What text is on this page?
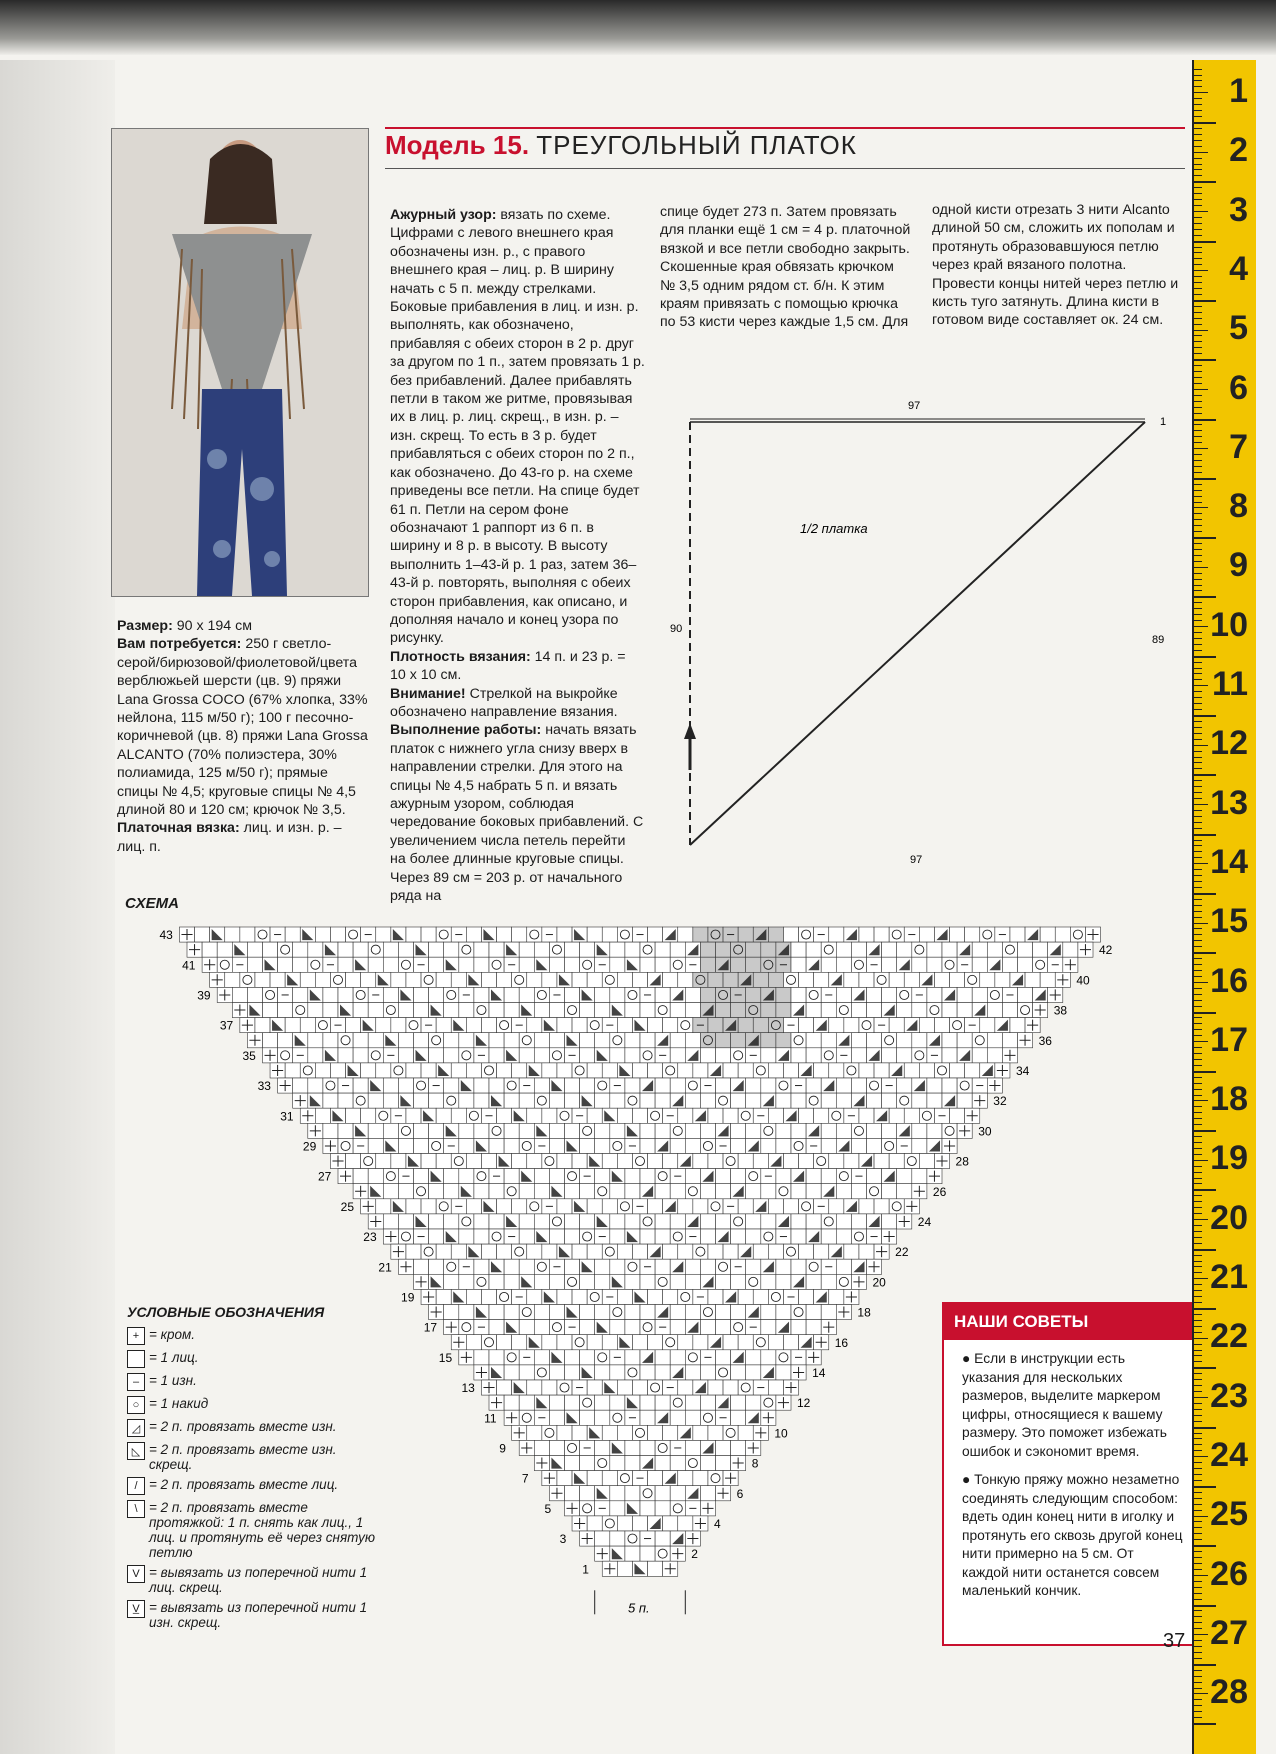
Модель 15. ТРЕУГОЛЬНЫЙ ПЛАТОК
Размер: 90 х 194 см
Вам потребуется: 250 г светло-серой/бирюзовой/фиолетовой/цвета верблюжьей шерсти (цв. 9) пряжи Lana Grossa COCO (67% хлопка, 33% нейлона, 115 м/50 г); 100 г песочно-коричневой (цв. 8) пряжи Lana Grossa ALCANTO (70% полиэстера, 30% полиамида, 125 м/50 г); прямые спицы № 4,5; круговые спицы № 4,5 длиной 80 и 120 см; крючок № 3,5.
Платочная вязка: лиц. и изн. р. – лиц. п.
Ажурный узор: вязать по схеме. Цифрами с левого внешнего края обозначены изн. р., с правого внешнего края – лиц. р. В ширину начать с 5 п. между стрелками. Боковые прибавления в лиц. и изн. р. выполнять, как обозначено, прибавляя с обеих сторон в 2 р. друг за другом по 1 п., затем провязать 1 р. без прибавлений. Далее прибавлять петли в таком же ритме, провязывая их в лиц. р. лиц. скрещ., в изн. р. – изн. скрещ. То есть в 3 р. будет прибавляться с обеих сторон по 2 п., как обозначено. До 43-го р. на схеме приведены все петли. На спице будет 61 п. Петли на сером фоне обозначают 1 раппорт из 6 п. в ширину и 8 р. в высоту. В высоту выполнить 1–43-й р. 1 раз, затем 36–43-й р. повторять, выполняя с обеих сторон прибавления, как описано, и дополняя начало и конец узора по рисунку.
Плотность вязания: 14 п. и 23 р. = 10 х 10 см.
Внимание! Стрелкой на выкройке обозначено направление вязания.
Выполнение работы: начать вязать платок с нижнего угла снизу вверх в направлении стрелки. Для этого на спицы № 4,5 набрать 5 п. и вязать ажурным узором, соблюдая чередование боковых прибавлений. С увеличением числа петель перейти на более длинные круговые спицы. Через 89 см = 203 р. от начального ряда на
спице будет 273 п. Затем провязать для планки ещё 1 см = 4 р. платочной вязкой и все петли свободно закрыть. Скошенные края обвязать крючком № 3,5 одним рядом ст. б/н. К этим краям привязать с помощью крючка по 53 кисти через каждые 1,5 см. Для
одной кисти отрезать 3 нити Alcanto длиной 50 см, сложить их пополам и протянуть образовавшуюся петлю через край вязаного полотна. Провести концы нитей через петлю и кисть туго затянуть. Длина кисти в готовом виде составляет ок. 24 см.
97
97
90
89
1
1/2 платка
СХЕМА
43
42
41
40
39
38
37
36
35
34
33
32
31
30
29
28
27
26
25
24
23
22
21
20
19
18
17
16
15
14
13
12
11
10
9
8
7
6
5
4
3
2
1
5 п.
УСЛОВНЫЕ ОБОЗНАЧЕНИЯ
+ = кром.
= 1 лиц.
– = 1 изн.
○ = 1 накид
◿ = 2 п. провязать вместе изн.
◺ = 2 п. провязать вместе изн. скрещ.
/ = 2 п. провязать вместе лиц.
\ = 2 п. провязать вместе протяжкой: 1 п. снять как лиц., 1 лиц. и протянуть её через снятую петлю
V = вывязать из поперечной нити 1 лиц. скрещ.
V̲ = вывязать из поперечной нити 1 изн. скрещ.
НАШИ СОВЕТЫ

● Если в инструкции есть указания для нескольких размеров, выделите маркером цифры, относящиеся к вашему размеру. Это поможет избежать ошибок и сэкономит время.

● Тонкую пряжу можно незаметно соединять следующим способом: вдеть один конец нити в иголку и протянуть его сквозь другой конец нити примерно на 5 см. От каждой нити останется совсем маленький кончик.

37
1
2
3
4
5
6
7
8
9
10
11
12
13
14
15
16
17
18
19
20
21
22
23
24
25
26
27
28
